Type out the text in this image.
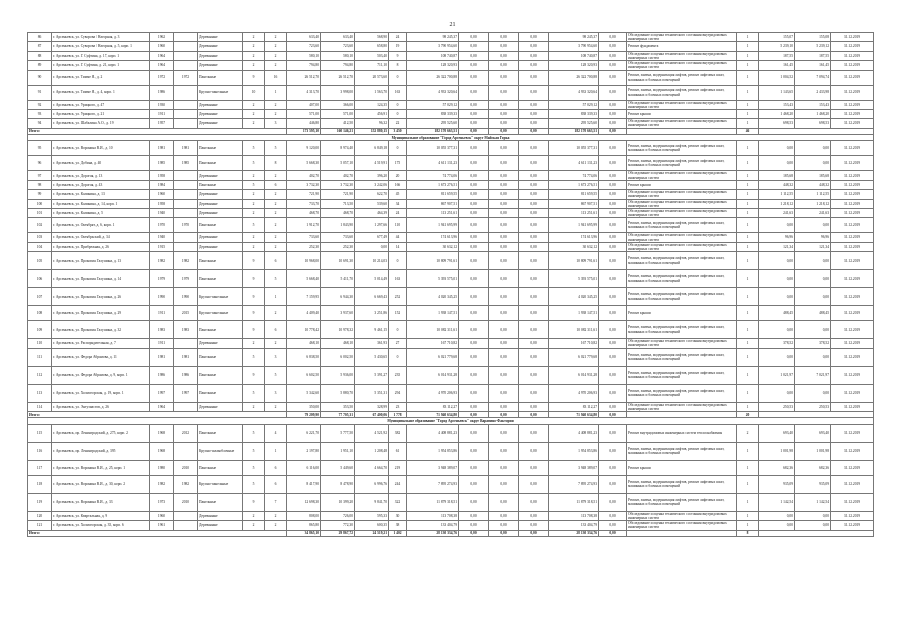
21
86	г. Арсеньевск, ул. Суворова / Нагорная, д. 3	1962		Деревянные	2	2	633,40	633,40	568,90	24	98 245,37	0,00	0,00	0,00	98 245,37	0,00	Обследование и оценка технического состояния внутридомовых инженерных систем	1	155,07	155,08	31.12.2019
87	г. Арсеньевск, ул. Суворова / Нагорная, д. 5, корп. 1	1960		Деревянные	2	2	723,60	723,60	658,80	19	3 790 954,60	0,00	0,00	0,00	3 790 954,60	0,00	Ремонт фундамента	1	5 239,10	5 239,12	31.12.2019
88	г. Арсеньевск, ул. Г. Суфтина, д. 17, корп. 1	1964		Деревянные	2	2	580,10	580,10	503,40	9	108 740,87	0,00	0,00	0,00	108 740,87	0,00	Обследование и оценка технического состояния внутридомовых инженерных систем	1	187,55	187,55	31.12.2019
89	г. Арсеньевск, ул. Г. Суфтина, д. 21, корп. 1	1964		Деревянные	2	2	794,80	794,80	711,10	8	128 320,93	0,00	0,00	0,00	128 320,93	0,00	Обследование и оценка технического состояния внутридомовых инженерных систем	1	161,45	161,45	31.12.2019
90	г. Арсеньевск, ул. Тимме Я., д. 2	1972	1972	Панельные	9	16	26 512,70	26 512,70	20 573,60	0	26 322 700,88	0,00	0,00	0,00	26 322 700,88	0,00	Ремонт, замена, модернизация лифтов, ремонт лифтовых шахт, машинных и блочных помещений	1	1 004,52	7 094,74	31.12.2019
91	г. Арсеньевск, ул. Тимме Я., д. 4, корп. 1	1986		Крупно-панельные	10	1	4 313,70	3 998,00	1 563,70	163	4 933 320,64	0,00	0,00	0,00	4 933 320,64	0,00	Ремонт, замена, модернизация лифтов, ремонт лифтовых шахт, машинных и блочных помещений	1	1 143,65	2 433,98	31.12.2019
92	г. Арсеньевск, ул. Урицкого, д. 47	1930		Деревянные	2	2	407,00	366,00	124,35	0	57 029,12	0,00	0,00	0,00	57 029,12	0,00	Обследование и оценка технического состояния внутридомовых инженерных систем	1	153,43	153,43	31.12.2019
93	г. Арсеньевск, ул. Урицкого, д. 21	1911		Деревянные	2	2	571,00	571,00	456,91	0	838 339,33	0,00	0,00	0,00	838 339,33	0,00	Ремонт крыши	1	1 468,20	1 468,20	31.12.2019
94	г. Арсеньевск, ул. Шабалина А.О., д. 19	1957		Деревянные	2	3	446,80	412,50	96,32	22	295 525,60	0,00	0,00	0,00	295 525,60	0,00	Обследование и оценка технического состояния внутридомовых инженерных систем	1	698,53	698,53	31.12.2019
Итого:							173 595,10	160 146,21	152 880,15	3 450	182 170 663,51	0,00	0,00	0,00	182 170 663,51	0,00		46			
Муниципальное образование "Город Арсеньевск" округ Майская Горка																					
95	г. Арсеньевск, ул. Воронина В.И., д. 10	1981	1981	Панельные	5	5	9 120,00	8 974,40	6 849,18	0	10 055 377,31	0,00	0,00	0,00	10 055 377,31	0,00	Ремонт, замена, модернизация лифтов, ремонт лифтовых шахт, машинных и блочных помещений	1	0,00	0,00	31.12.2019
96	г. Арсеньевск, ул. Добина, д. 40	1985	1985	Панельные	5	8	5 668,30	5 057,10	4 519,91	175	4 611 131,23	0,00	0,00	0,00	4 611 131,23	0,00	Ремонт, замена, модернизация лифтов, ремонт лифтовых шахт, машинных и блочных помещений	1	0,00	0,00	31.12.2019
97	г. Арсеньевск, ул. Дорогая, д. 13	1958		Деревянные	2	2	402,70	402,70	396,20	20	74 774,06	0,00	0,00	0,00	74 774,06	0,00	Обследование и оценка технического состояния внутридомовых инженерных систем	1	185,68	185,68	31.12.2019
98	г. Арсеньевск, ул. Дорогая, д. 43	1984		Панельные	5	6	3 732,30	3 732,30	3 242,06	166	1 673 276,51	0,00	0,00	0,00	1 673 276,51	0,00	Ремонт крыши	1	448,32	448,32	31.12.2019
99	г. Арсеньевск, ул. Калинина, д. 13	1960		Деревянные	2	2	721,90	721,90	622,70	45	811 659,55	0,00	0,00	0,00	811 659,55	0,00	Обследование и оценка технического состояния внутридомовых инженерных систем	1	1 112,55	1 112,55	31.12.2019
100	г. Арсеньевск, ул. Калинина, д. 14, корп. 1	1958		Деревянные	2	2	733,70	713,50	539,60	34	867 907,51	0,00	0,00	0,00	867 907,51	0,00	Обследование и оценка технического состояния внутридомовых инженерных систем	1	1 218,12	1 218,12	31.12.2019
101	г. Арсеньевск, ул. Калинина, д. 5	1940		Деревянные	2	2	468,70	468,70	464,39	24	113 251,61	0,00	0,00	0,00	113 251,61	0,00	Обследование и оценка технического состояния внутридомовых инженерных систем	1	241,63	241,63	31.12.2019
102	г. Арсеньевск, ул. Октябрят, д. 6, корп. 1	1970	1970	Панельные	5	2	1 912,70	1 843,90	1 297,66	110	1 941 695,99	0,00	0,00	0,00	1 941 695,99	0,00	Ремонт, замена, модернизация лифтов, ремонт лифтовых шахт, машинных и блочных помещений	1	0,00	0,00	31.12.2019
103	г. Арсеньевск, ул. Октябрьский, д. 34	1940		Деревянные	2	2	733,60	733,60	677,49	44	174 613,96	0,00	0,00	0,00	174 613,96	0,00	Обследование и оценка технического состояния внутридомовых инженерных систем	1	96,96	96,96	31.12.2019
104	г. Арсеньевск, ул. Прибрежная, д. 26	1915		Деревянные	2	2	252,30	252,30	0,00	14	30 632,12	0,00	0,00	0,00	30 632,12	0,00	Обследование и оценка технического состояния внутридомовых инженерных систем	1	121,34	121,34	31.12.2019
105	г. Арсеньевск, ул. Прокопия Галушина, д. 13	1982	1982	Панельные	9	6	10 968,00	10 691,30	10 214,03	0	10 809 791,61	0,00	0,00	0,00	10 809 791,61	0,00	Ремонт, замена, модернизация лифтов, ремонт лифтовых шахт, машинных и блочных помещений	1	0,00	0,00	31.12.2019
106	г. Арсеньевск, ул. Прокопия Галушина, д. 14	1979	1979	Панельные	9	5	5 668,40	5 411,70	5 014,49	163	5 393 575,01	0,00	0,00	0,00	5 393 575,01	0,00	Ремонт, замена, модернизация лифтов, ремонт лифтовых шахт, машинных и блочных помещений	1	0,00	0,00	31.12.2019
107	г. Арсеньевск, ул. Прокопия Галушина, д. 26	1990	1990	Крупно-панельные	9	1	7 159,95	6 944,30	6 669,43	252	4 020 345,25	0,00	0,00	0,00	4 020 345,25	0,00	Ремонт, замена, модернизация лифтов, ремонт лифтовых шахт, машинных и блочных помещений	1	0,00	0,00	31.12.2019
108	г. Арсеньевск, ул. Прокопия Галушина, д. 29	1911	2015	Крупно-панельные	9	2	4 409,40	3 937,60	3 251,86	152	1 938 147,51	0,00	0,00	0,00	1 938 147,51	0,00	Ремонт крыши	1	488,45	488,45	31.12.2019
109	г. Арсеньевск, ул. Прокопия Галушина, д. 32	1983	1983	Панельные	9	6	10 778,42	10 978,32	9 461,15	0	10 082 311,61	0,00	0,00	0,00	10 082 311,61	0,00	Ремонт, замена, модернизация лифтов, ремонт лифтовых шахт, машинных и блочных помещений	1	0,00	0,00	31.12.2019
110	г. Арсеньевск, ул. Распорядительная, д. 7	1911		Деревянные	2	2	468,10	468,10	361,93	27	167 710,82	0,00	0,00	0,00	167 710,82	0,00	Обследование и оценка технического состояния внутридомовых инженерных систем	1	378,52	378,52	31.12.2019
111	г. Арсеньевск, ул. Федора Абрамова, д. 11	1981	1981	Панельные	5	3	6 838,50	6 002,50	5 430,65	0	6 021 779,68	0,00	0,00	0,00	6 021 779,68	0,00	Ремонт, замена, модернизация лифтов, ремонт лифтовых шахт, машинных и блочных помещений	1	0,00	0,00	31.12.2019
112	г. Арсеньевск, ул. Федора Абрамова, д. 9, корп. 1	1986	1986	Панельные	9	5	6 602,50	5 936,00	5 391,27	235	6 014 931,28	0,00	0,00	0,00	6 014 931,28	0,00	Ремонт, замена, модернизация лифтов, ремонт лифтовых шахт, машинных и блочных помещений	1	1 021,97	7 021,97	31.12.2019
113	г. Арсеньевск, ул. Холмогорская, д. 19, корп. 1	1997	1997	Панельные	5	3	5 342,60	5 880,70	5 351,31	294	4 970 206,93	0,00	0,00	0,00	4 970 206,93	0,00	Ремонт, замена, модернизация лифтов, ремонт лифтовых шахт, машинных и блочных помещений	1	0,00	0,00	31.12.2019
114	г. Арсеньевск, ул. Энтузиастов, д. 26	1964		Деревянные	2	2	350,00	353,50	328,99	23	83 112,27	0,00	0,00	0,00	83 112,27	0,00	Обследование и оценка технического состояния внутридомовых инженерных систем	1	250,53	250,53	31.12.2019
Итого:							79 209,90	77 705,31	67 400,06	1 778	71 940 634,80	0,00	0,00	0,00	71 940 634,80	0,00		20			
Муниципальное образование "Город Арсеньевск" округ Варавино-Фактория																					
115	г. Арсеньевск, пр. Ленинградский, д. 275, корп. 2	1968	2012	Панельные	5	4	6 221,70	5 777,50	4 521,92	382	4 408 881,23	0,00	0,00	0,00	4 408 881,23	0,00	Ремонт внутридомовых инженерных систем теплоснабжения	2	693,40	693,40	31.12.2019
116	г. Арсеньевск, пр. Ленинградский, д. 395	1968		Крупно-шлакоблочные	5	1	2 197,80	1 951,10	1 208,48	61	1 954 853,86	0,00	0,00	0,00	1 954 853,86	0,00	Ремонт, замена, модернизация лифтов, ремонт лифтовых шахт, машинных и блочных помещений	1	1 001,98	1 001,98	31.12.2019
117	г. Арсеньевск, ул. Воронина В.И., д. 25, корп. 1	1980	2010	Панельные	5	6	6 116,00	5 449,60	4 664,70	219	3 948 389,07	0,00	0,00	0,00	3 948 389,07	0,00	Ремонт крыши	1	682,36	682,36	31.12.2019
118	г. Арсеньевск, ул. Воронина В.И., д. 30, корп. 2	1982	1982	Крупно-панельные	5	6	8 417,90	8 478,90	6 996,76	244	7 895 274,93	0,00	0,00	0,00	7 895 274,93	0,00	Ремонт, замена, модернизация лифтов, ремонт лифтовых шахт, машинных и блочных помещений	1	935,09	935,09	31.12.2019
119	г. Арсеньевск, ул. Воронина В.И., д. 33	1973	2010	Панельные	9	7	12 698,30	10 399,20	9 841,70	322	11 879 318,51	0,00	0,00	0,00	11 879 318,51	0,00	Ремонт, замена, модернизация лифтов, ремонт лифтовых шахт, машинных и блочных помещений	1	1 142,54	1 142,54	31.12.2019
120	г. Арсеньевск, ул. Квартальная, д. 9	1960		Деревянные	2	2	808,00	726,00	595,33	30	113 708,38	0,00	0,00	0,00	113 708,38	0,00	Обследование и оценка технического состояния внутридомовых инженерных систем	1	0,00	0,00	31.12.2019
121	г. Арсеньевск, ул. Холмогорская, д. 35, корп. 6	1961		Деревянные	2	2	865,80	772,30	600,35	38	133 404,79	0,00	0,00	0,00	133 404,79	0,00	Обследование и оценка технического состояния внутридомовых инженерных систем	1	0,00	0,00	31.12.2019
Итого:							34 865,10	29 867,72	24 519,21	1 402	28 130 334,76	0,00	0,00	0,00	28 130 334,76	0,00		8			
